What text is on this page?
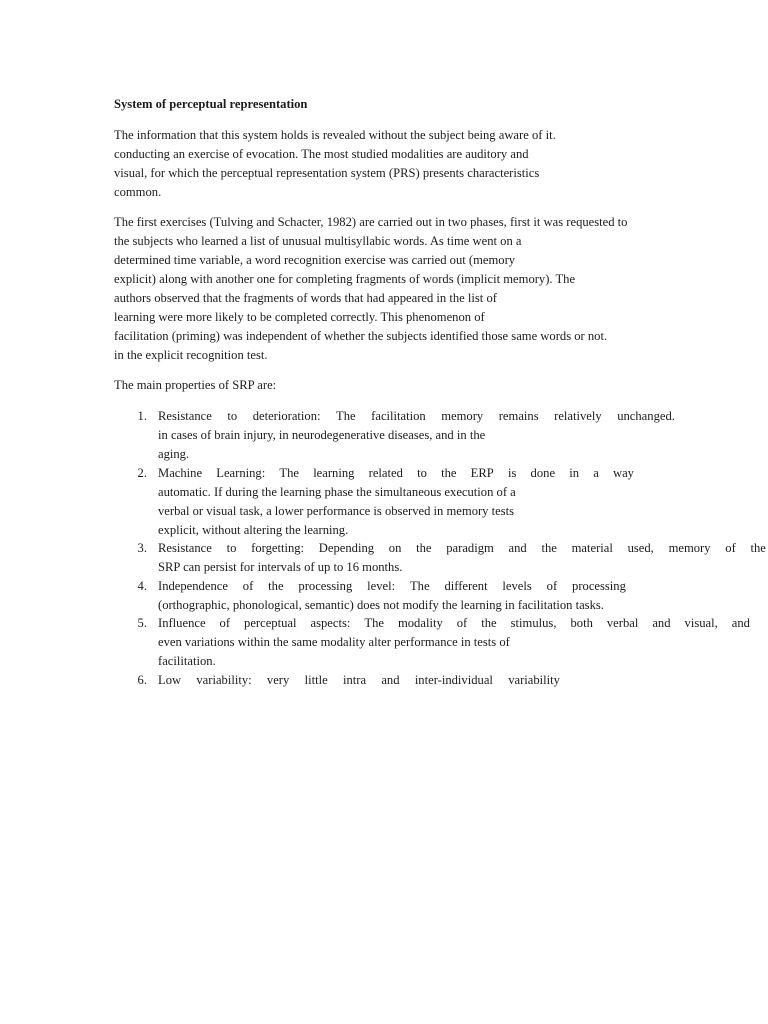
System of perceptual representation
The information that this system holds is revealed without the subject being aware of it.
conducting an exercise of evocation. The most studied modalities are auditory and
visual, for which the perceptual representation system (PRS) presents characteristics
common.
The first exercises (Tulving and Schacter, 1982) are carried out in two phases, first it was requested to
the subjects who learned a list of unusual multisyllabic words. As time went on a
determined time variable, a word recognition exercise was carried out (memory
explicit) along with another one for completing fragments of words (implicit memory). The
authors observed that the fragments of words that had appeared in the list of
learning were more likely to be completed correctly. This phenomenon of
facilitation (priming) was independent of whether the subjects identified those same words or not.
in the explicit recognition test.
The main properties of SRP are:
1. Resistance to deterioration: The facilitation memory remains relatively unchanged.
in cases of brain injury, in neurodegenerative diseases, and in the
aging.
2. Machine Learning: The learning related to the ERP is done in a way
automatic. If during the learning phase the simultaneous execution of a
verbal or visual task, a lower performance is observed in memory tests
explicit, without altering the learning.
3. Resistance to forgetting: Depending on the paradigm and the material used, memory of the
SRP can persist for intervals of up to 16 months.
4. Independence of the processing level: The different levels of processing
(orthographic, phonological, semantic) does not modify the learning in facilitation tasks.
5. Influence of perceptual aspects: The modality of the stimulus, both verbal and visual, and
even variations within the same modality alter performance in tests of
facilitation.
6. Low variability: very little intra and inter-individual variability
